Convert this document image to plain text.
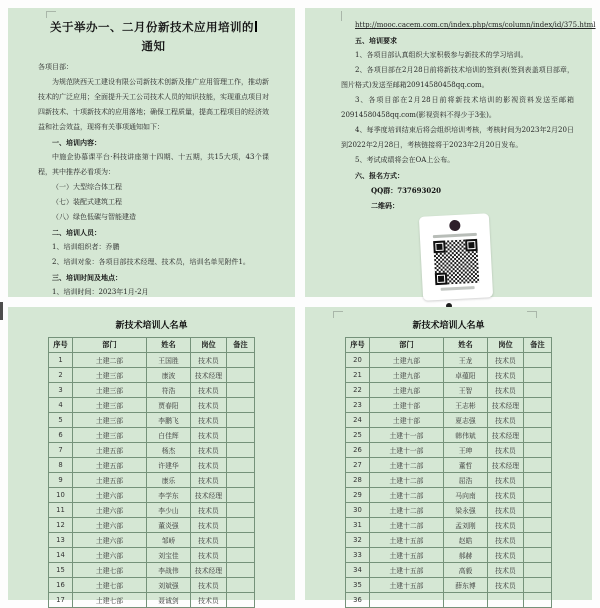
关于举办一、二月份新技术应用培训的
通知

各项目部：

为规范陕西天工建设有限公司新技术创新及推广应用管理工作，推动新技术的广泛应用；全面提升天工公司技术人员的知识技能，实现重点项目对四新技术、十项新技术的应用落地；确保工程质量，提高工程项目的经济效益和社会效益，现将有关事项通知如下：

一、培训内容：

中施企协慕课平台·科技讲座第十四期、十五期，共15大项，43个课程，其中推荐必看项为：

（一）大型综合体工程

（七）装配式建筑工程

（八）绿色低碳与智能建造

二、培训人员：

1、培训组织者：乔鹏

2、培训对象：各项目部技术经理、技术员，培训名单见附件1。

三、培训时间及地点：

1、培训时间：2023年1月-2月

http://mooc.cacem.com.cn/index.php/cms/column/index/id/375.html

五、培训要求

1、各项目部认真组织大家积极参与新技术的学习培训。

2、各项目部在2月28日前将新技术培训的签到表(签到表盖项目部章，图片格式)发送至邮箱20914580458qq.com。

3、各项目部在2月28日前将新技术培训的影视资料发送至邮箱20914580458qq.com(影视资料不得少于3张)。

4、每季度培训结束后将会组织培训考核，考核时间为2023年2月20日到2022年2月28日，考核链接将于2023年2月20日发布。

5、考试成绩将会在OA上公布。

六、报名方式：

QQ群：737693020

二维码：

新技术培训人名单
序号	部门	姓名	岗位	备注
1	土建二部	王国胜	技术员	
2	土建三部	康波	技术经理	
3	土建三部	符浩	技术员	
4	土建三部	贾春阳	技术员	
5	土建三部	李鹏飞	技术员	
6	土建三部	白佳辉	技术员	
7	土建五部	杨杰	技术员	
8	土建五部	许建华	技术员	
9	土建五部	康乐	技术员	
10	土建六部	李学东	技术经理	
11	土建六部	李少山	技术员	
12	土建六部	董炎强	技术员	
13	土建六部	邹峤	技术员	
14	土建六部	刘宝佳	技术员	
15	土建七部	李战伟	技术经理	
16	土建七部	刘斌强	技术员	
17	土建七部	聂诚剑	技术员	
新技术培训人名单
序号	部门	姓名	岗位	备注
20	土建九部	王龙	技术员	
21	土建九部	卓蕴阳	技术员	
22	土建九部	王智	技术员	
23	土建十部	王志彬	技术经理	
24	土建十部	夏志强	技术员	
25	土建十一部	韩伟斌	技术经理	
26	土建十一部	王珅	技术员	
27	土建十二部	董哲	技术经理	
28	土建十二部	屈浩	技术员	
29	土建十二部	马向南	技术员	
30	土建十二部	梁永强	技术员	
31	土建十二部	孟刘刚	技术员	
32	土建十五部	赵皓	技术员	
33	土建十五部	郝赫	技术员	
34	土建十五部	高毅	技术员	
35	土建十五部	薛东博	技术员	
36				
